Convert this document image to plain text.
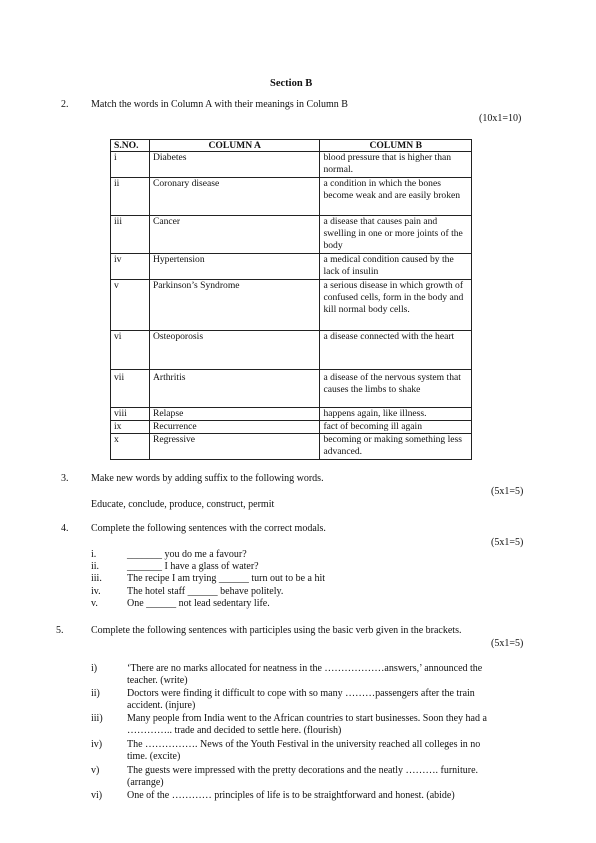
Section B
2. Match the words in Column A with their meanings in Column B
(10x1=10)
S.NO.	COLUMN A	COLUMN B
i	Diabetes	blood pressure that is higher than normal.
ii	Coronary disease	a condition in which the bones become weak and are easily broken
iii	Cancer	a disease that causes pain and swelling in one or more joints of the body
iv	Hypertension	a medical condition caused by the lack of insulin
v	Parkinson’s Syndrome	a serious disease in which growth of confused cells, form in the body and kill normal body cells.
vi	Osteoporosis	a disease connected with the heart
vii	Arthritis	a disease of the nervous system that causes the limbs to shake
viii	Relapse	happens again, like illness.
ix	Recurrence	fact of becoming ill again
x	Regressive	becoming or making something less advanced.
3. Make new words by adding suffix to the following words.
(5x1=5)
Educate, conclude, produce, construct, permit
4. Complete the following sentences with the correct modals.
(5x1=5)
i.	_______ you do me a favour?
ii.	_______ I have a glass of water?
iii.	The recipe I am trying ______ turn out to be a hit
iv.	The hotel staff ______ behave politely.
v.	One ______ not lead sedentary life.
5.	Complete the following sentences with participles using the basic verb given in the brackets.
(5x1=5)
i)	‘There are no marks allocated for neatness in the ………………answers,’ announced the
teacher. (write)
ii)	Doctors were finding it difficult to cope with so many ………passengers after the train
accident. (injure)
iii) Many people from India went to the African countries to start businesses. Soon they had a
………….. trade and decided to settle here. (flourish)
iv) The ……………. News of the Youth Festival in the university reached all colleges in no
time. (excite)
v)	The guests were impressed with the pretty decorations and the neatly ………. furniture.
(arrange)
vi) One of the ………… principles of life is to be straightforward and honest. (abide)
